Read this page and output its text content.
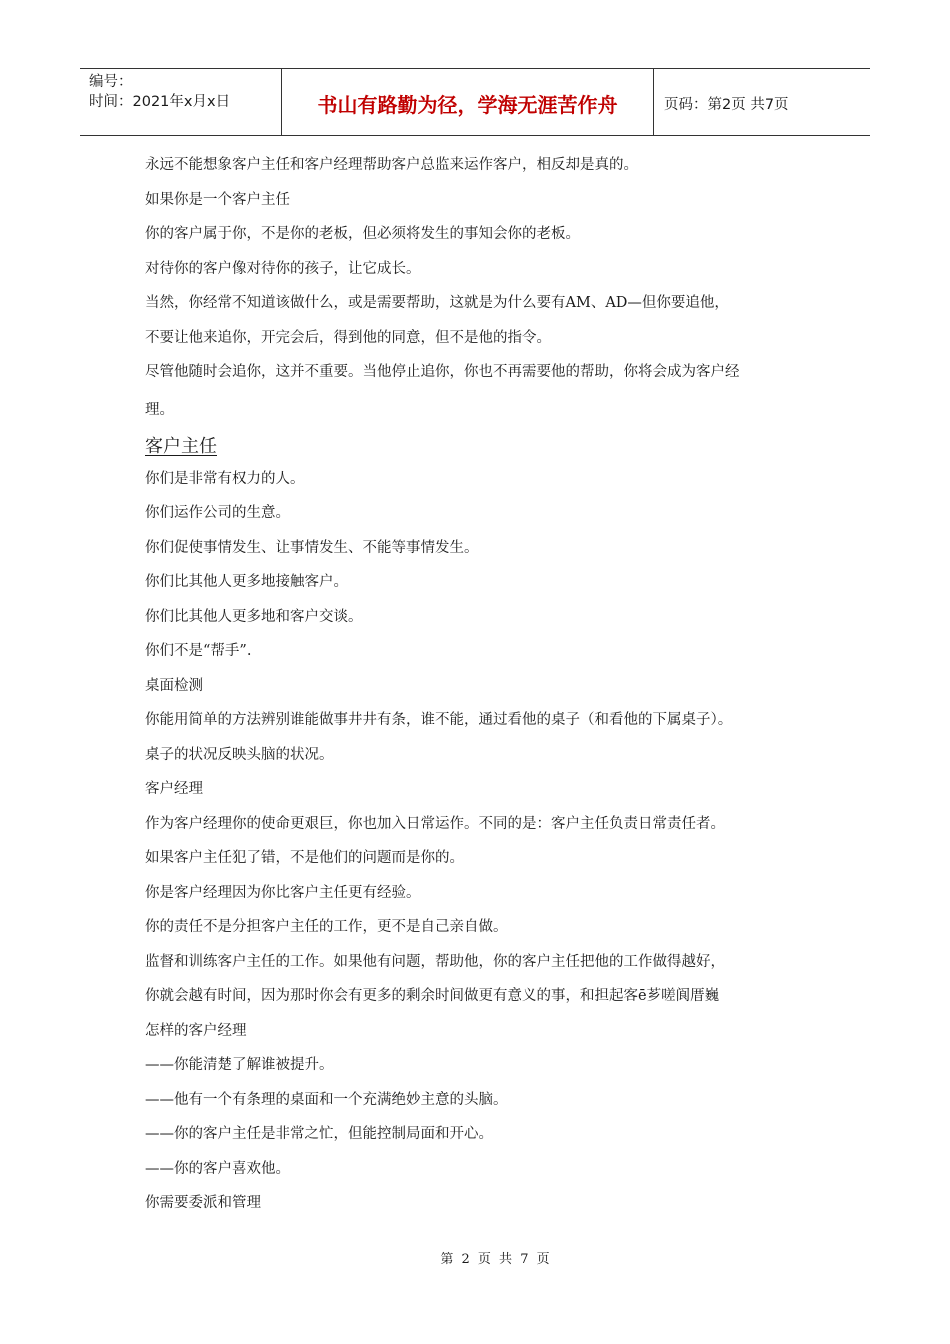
编号：
时间：2021年x月x日	书山有路勤为径，学海无涯苦作舟	页码：第2页 共7页
永远不能想象客户主任和客户经理帮助客户总监来运作客户，相反却是真的。
如果你是一个客户主任
你的客户属于你，不是你的老板，但必须将发生的事知会你的老板。
对待你的客户像对待你的孩子，让它成长。
当然，你经常不知道该做什么，或是需要帮助，这就是为什么要有AM、AD—但你要追他，
不要让他来追你，开完会后，得到他的同意，但不是他的指令。
尽管他随时会追你，这并不重要。当他停止追你，你也不再需要他的帮助，你将会成为客户经
理。
客户主任
你们是非常有权力的人。
你们运作公司的生意。
你们促使事情发生、让事情发生、不能等事情发生。
你们比其他人更多地接触客户。
你们比其他人更多地和客户交谈。
你们不是“帮手”.
桌面检测
你能用简单的方法辨别谁能做事井井有条，谁不能，通过看他的桌子（和看他的下属桌子）。
桌子的状况反映头脑的状况。
客户经理
作为客户经理你的使命更艰巨，你也加入日常运作。不同的是：客户主任负责日常责任者。
如果客户主任犯了错，不是他们的问题而是你的。
你是客户经理因为你比客户主任更有经验。
你的责任不是分担客户主任的工作，更不是自己亲自做。
监督和训练客户主任的工作。如果他有问题，帮助他，你的客户主任把他的工作做得越好，
你就会越有时间，因为那时你会有更多的剩余时间做更有意义的事，和担起客ē芗嗟阆厝巍
怎样的客户经理
——你能清楚了解谁被提升。
——他有一个有条理的桌面和一个充满绝妙主意的头脑。
——你的客户主任是非常之忙，但能控制局面和开心。
——你的客户喜欢他。
你需要委派和管理
第 2 页 共 7 页
